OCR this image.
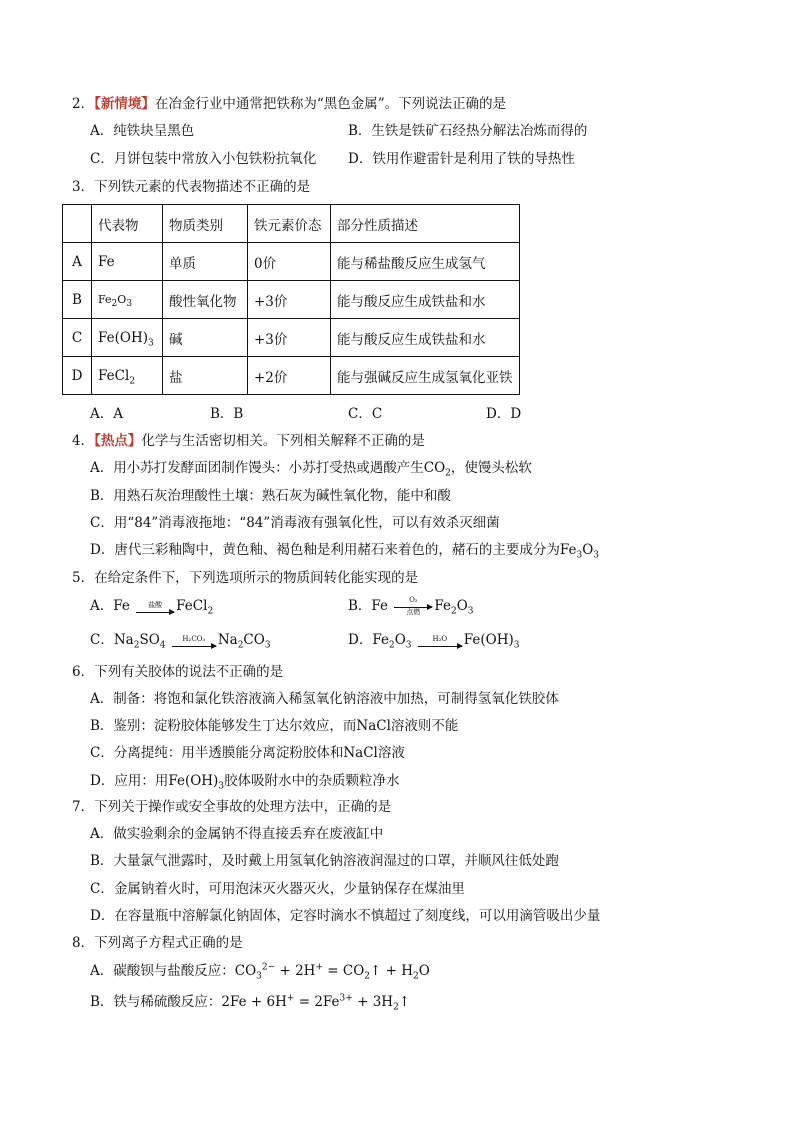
2．【新情境】在冶金行业中通常把铁称为“黑色金属”。下列说法正确的是
A．纯铁块呈黑色	B．生铁是铁矿石经热分解法冶炼而得的
C．月饼包装中常放入小包铁粉抗氧化 D．铁用作避雷针是利用了铁的导热性
3．下列铁元素的代表物描述不正确的是
	代表物	物质类别	铁元素价态	部分性质描述
A	Fe	单质	0价	能与稀盐酸反应生成氢气
B	$Fe_2O_3$	酸性氧化物	+3价	能与酸反应生成铁盐和水
C	$Fe(OH)_3$	碱	+3价	能与酸反应生成铁盐和水
D	FeCl$_2$	盐	+2价	能与强碱反应生成氢氧化亚铁
A．A	B．B	C．C	D．D
4．【热点】化学与生活密切相关。下列相关解释不正确的是
A．用小苏打发酵面团制作馒头：小苏打受热或遇酸产生$CO_2$，使馒头松软
B．用熟石灰治理酸性土壤：熟石灰为碱性氧化物，能中和酸
C．用“84”消毒液拖地：“84”消毒液有强氧化性，可以有效杀灭细菌
D．唐代三彩釉陶中，黄色釉、褐色釉是利用赭石来着色的，赭石的主要成分为$Fe_3O_3$
5．在给定条件下，下列选项所示的物质间转化能实现的是
A．Fe	盐酸	FeCl$_2$	B．Fe	O₂
点燃	$Fe_2O_3$
C．$Na_2SO_4$
H₂CO₃ $Na_2CO_3$	D．$Fe_2O_3$
H₂O	$Fe(OH)_3$
6．下列有关胶体的说法不正确的是
A．制备：将饱和氯化铁溶液滴入稀氢氧化钠溶液中加热，可制得氢氧化铁胶体
B．鉴别：淀粉胶体能够发生丁达尔效应，而NaCl溶液则不能
C．分离提纯：用半透膜能分离淀粉胶体和NaCl溶液
D．应用：用$Fe(OH)_3$胶体吸附水中的杂质颗粒净水
7．下列关于操作或安全事故的处理方法中，正确的是
A．做实验剩余的金属钠不得直接丢弃在废液缸中
B．大量氯气泄露时，及时戴上用氢氧化钠溶液润湿过的口罩，并顺风往低处跑
C．金属钠着火时，可用泡沫灭火器灭火，少量钠保存在煤油里
D．在容量瓶中溶解氯化钠固体，定容时滴水不慎超过了刻度线，可以用滴管吸出少量
8．下列离子方程式正确的是
A．碳酸钡与盐酸反应：$CO_3^{2-} + 2H^+$ = $CO_2↑ + H_2O$
B．铁与稀硫酸反应：$2Fe + 6H^+ = 2Fe^{3+}$ + $3H_2↑$
